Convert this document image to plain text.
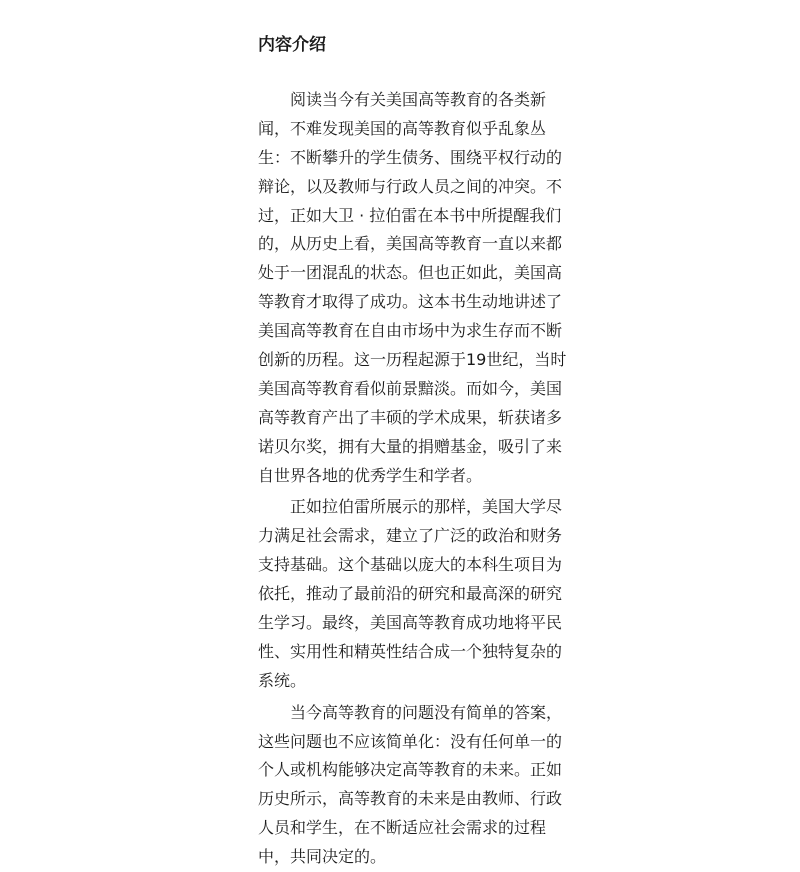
内容介绍
阅读当今有关美国高等教育的各类新
闻，不难发现美国的高等教育似乎乱象丛
生：不断攀升的学生债务、围绕平权行动的
辩论，以及教师与行政人员之间的冲突。不
过，正如大卫 · 拉伯雷在本书中所提醒我们
的，从历史上看，美国高等教育一直以来都
处于一团混乱的状态。但也正如此，美国高
等教育才取得了成功。这本书生动地讲述了
美国高等教育在自由市场中为求生存而不断
创新的历程。这一历程起源于19世纪，当时
美国高等教育看似前景黯淡。而如今，美国
高等教育产出了丰硕的学术成果，斩获诸多
诺贝尔奖，拥有大量的捐赠基金，吸引了来
自世界各地的优秀学生和学者。
正如拉伯雷所展示的那样，美国大学尽
力满足社会需求，建立了广泛的政治和财务
支持基础。这个基础以庞大的本科生项目为
依托，推动了最前沿的研究和最高深的研究
生学习。最终，美国高等教育成功地将平民
性、实用性和精英性结合成一个独特复杂的
系统。
当今高等教育的问题没有简单的答案，
这些问题也不应该简单化：没有任何单一的
个人或机构能够决定高等教育的未来。正如
历史所示，高等教育的未来是由教师、行政
人员和学生，在不断适应社会需求的过程
中，共同决定的。
